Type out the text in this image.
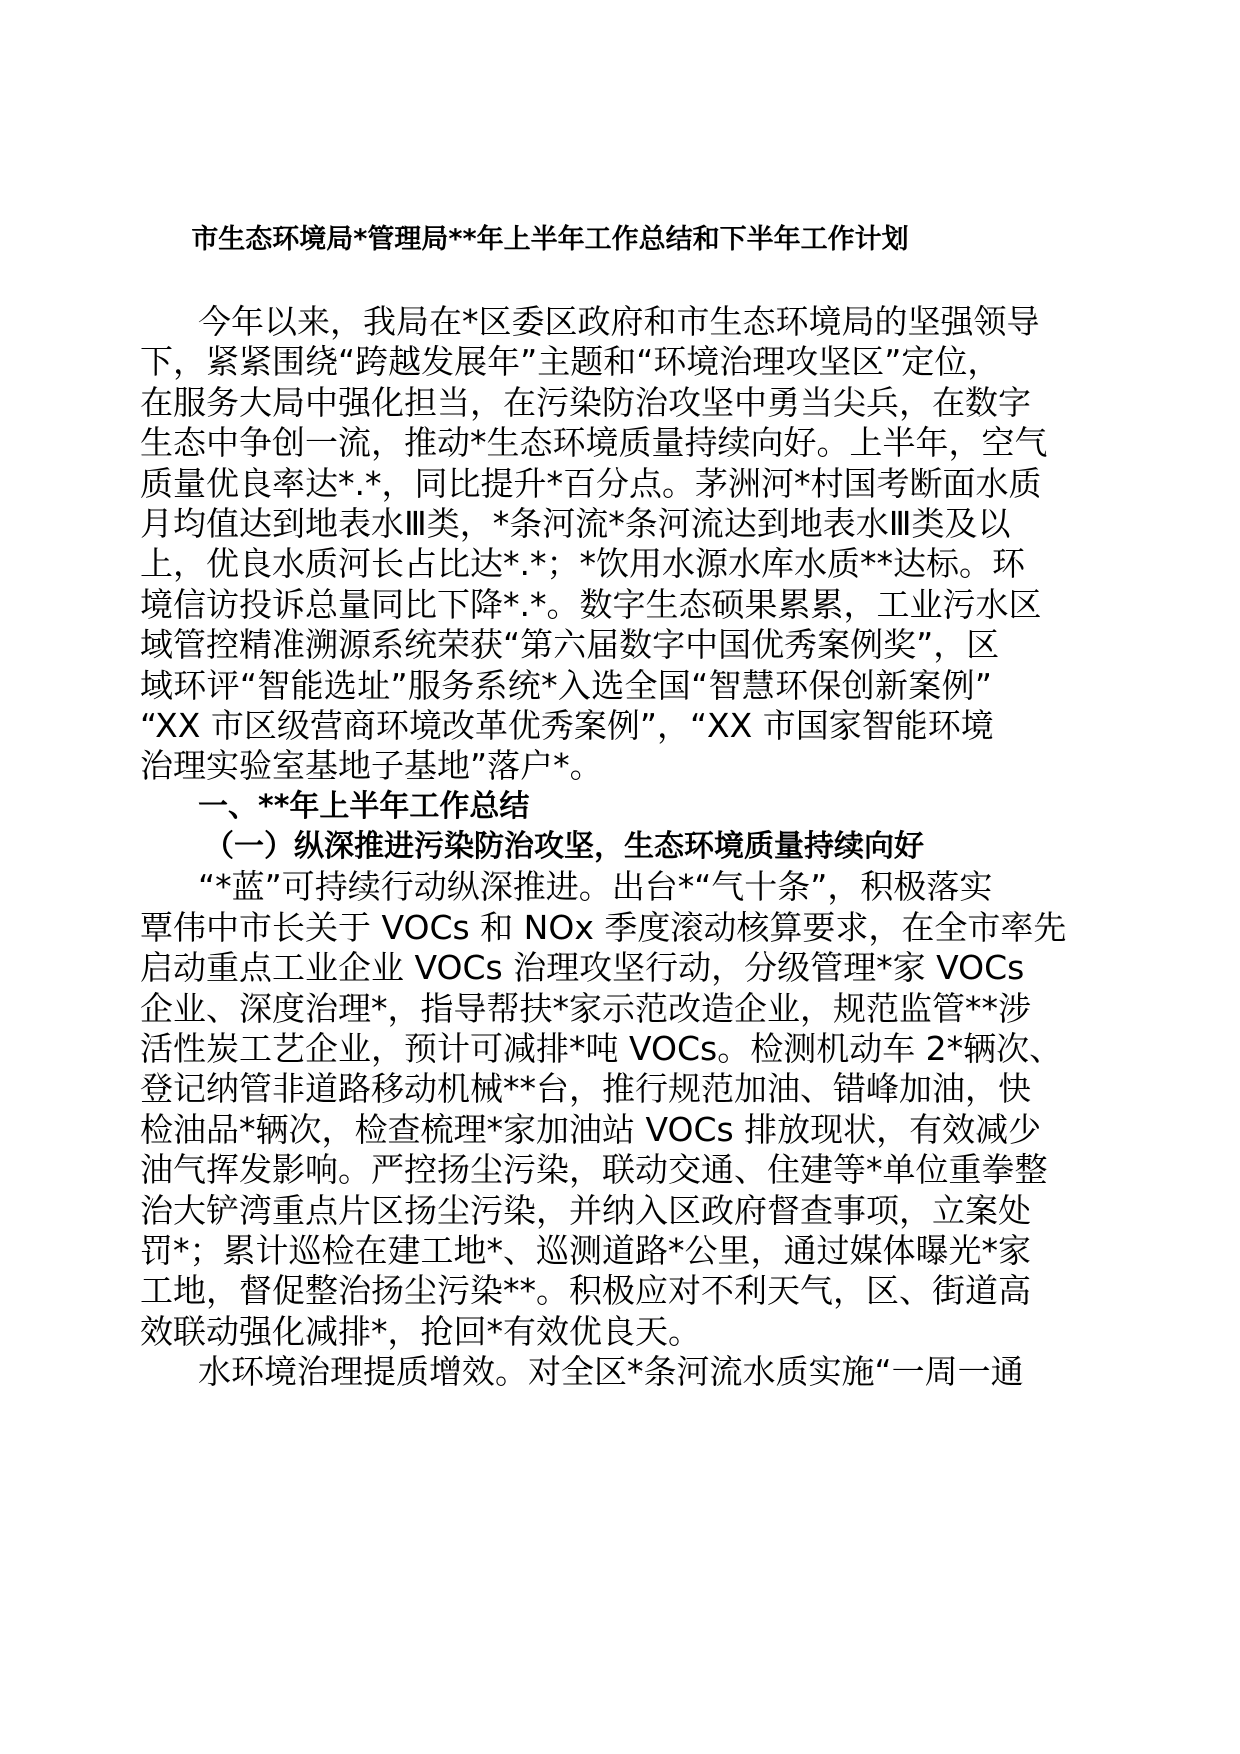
市生态环境局*管理局**年上半年工作总结和下半年工作计划
今年以来，我局在*区委区政府和市生态环境局的坚强领导
下，紧紧围绕“跨越发展年”主题和“环境治理攻坚区”定位，
在服务大局中强化担当，在污染防治攻坚中勇当尖兵，在数字
生态中争创一流，推动*生态环境质量持续向好。上半年，空气
质量优良率达*.*，同比提升*百分点。茅洲河*村国考断面水质
月均值达到地表水Ⅲ类，*条河流*条河流达到地表水Ⅲ类及以
上，优良水质河长占比达*.*；*饮用水源水库水质**达标。环
境信访投诉总量同比下降*.*。数字生态硕果累累，工业污水区
域管控精准溯源系统荣获“第六届数字中国优秀案例奖”，区
域环评“智能选址”服务系统*入选全国“智慧环保创新案例”
“XX 市区级营商环境改革优秀案例”，“XX 市国家智能环境
治理实验室基地子基地”落户*。
一、**年上半年工作总结
（一）纵深推进污染防治攻坚，生态环境质量持续向好
“*蓝”可持续行动纵深推进。出台*“气十条”，积极落实
覃伟中市长关于 VOCs 和 NOx 季度滚动核算要求，在全市率先
启动重点工业企业 VOCs 治理攻坚行动，分级管理*家 VOCs
企业、深度治理*，指导帮扶*家示范改造企业，规范监管**涉
活性炭工艺企业，预计可减排*吨 VOCs。检测机动车 2*辆次、
登记纳管非道路移动机械**台，推行规范加油、错峰加油，快
检油品*辆次，检查梳理*家加油站 VOCs 排放现状，有效减少
油气挥发影响。严控扬尘污染，联动交通、住建等*单位重拳整
治大铲湾重点片区扬尘污染，并纳入区政府督查事项，立案处
罚*；累计巡检在建工地*、巡测道路*公里，通过媒体曝光*家
工地，督促整治扬尘污染**。积极应对不利天气，区、街道高
效联动强化减排*，抢回*有效优良天。
水环境治理提质增效。对全区*条河流水质实施“一周一通
